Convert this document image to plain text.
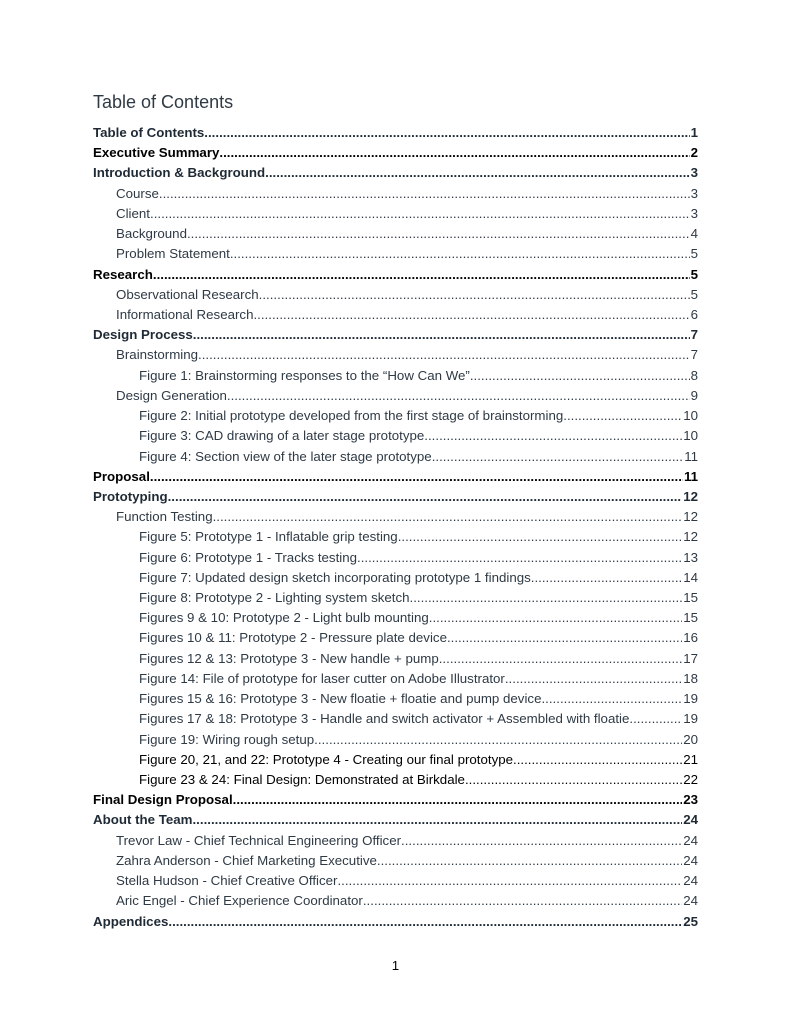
Table of Contents
Table of Contents .....	1
Executive Summary .....	2
Introduction & Background .....	3
Course .....	3
Client .....	3
Background .....	4
Problem Statement .....	5
Research .....	5
Observational Research .....	5
Informational Research .....	6
Design Process .....	7
Brainstorming .....	7
Figure 1: Brainstorming responses to the “How Can We” .....	8
Design Generation .....	9
Figure 2: Initial prototype developed from the first stage of brainstorming .....	10
Figure 3: CAD drawing of a later stage prototype .....	10
Figure 4: Section view of the later stage prototype .....	11
Proposal .....	11
Prototyping .....	12
Function Testing .....	12
Figure 5: Prototype 1 - Inflatable grip testing .....	12
Figure 6: Prototype 1 - Tracks testing .....	13
Figure 7: Updated design sketch incorporating prototype 1 findings .....	14
Figure 8: Prototype 2 - Lighting system sketch .....	15
Figures 9 & 10: Prototype 2 - Light bulb mounting .....	15
Figures 10 & 11: Prototype 2 - Pressure plate device .....	16
Figures 12 & 13: Prototype 3 - New handle + pump .....	17
Figure 14: File of prototype for laser cutter on Adobe Illustrator .....	18
Figures 15 & 16: Prototype 3 - New floatie + floatie and pump device .....	19
Figures 17 & 18: Prototype 3 - Handle and switch activator + Assembled with floatie .....	19
Figure 19: Wiring rough setup .....	20
Figure 20, 21, and 22: Prototype 4 - Creating our final prototype .....	21
Figure 23 & 24: Final Design: Demonstrated at Birkdale .....	22
Final Design Proposal .....	23
About the Team .....	24
Trevor Law - Chief Technical Engineering Officer .....	24
Zahra Anderson - Chief Marketing Executive .....	24
Stella Hudson - Chief Creative Officer .....	24
Aric Engel - Chief Experience Coordinator .....	24
Appendices .....	25
1
